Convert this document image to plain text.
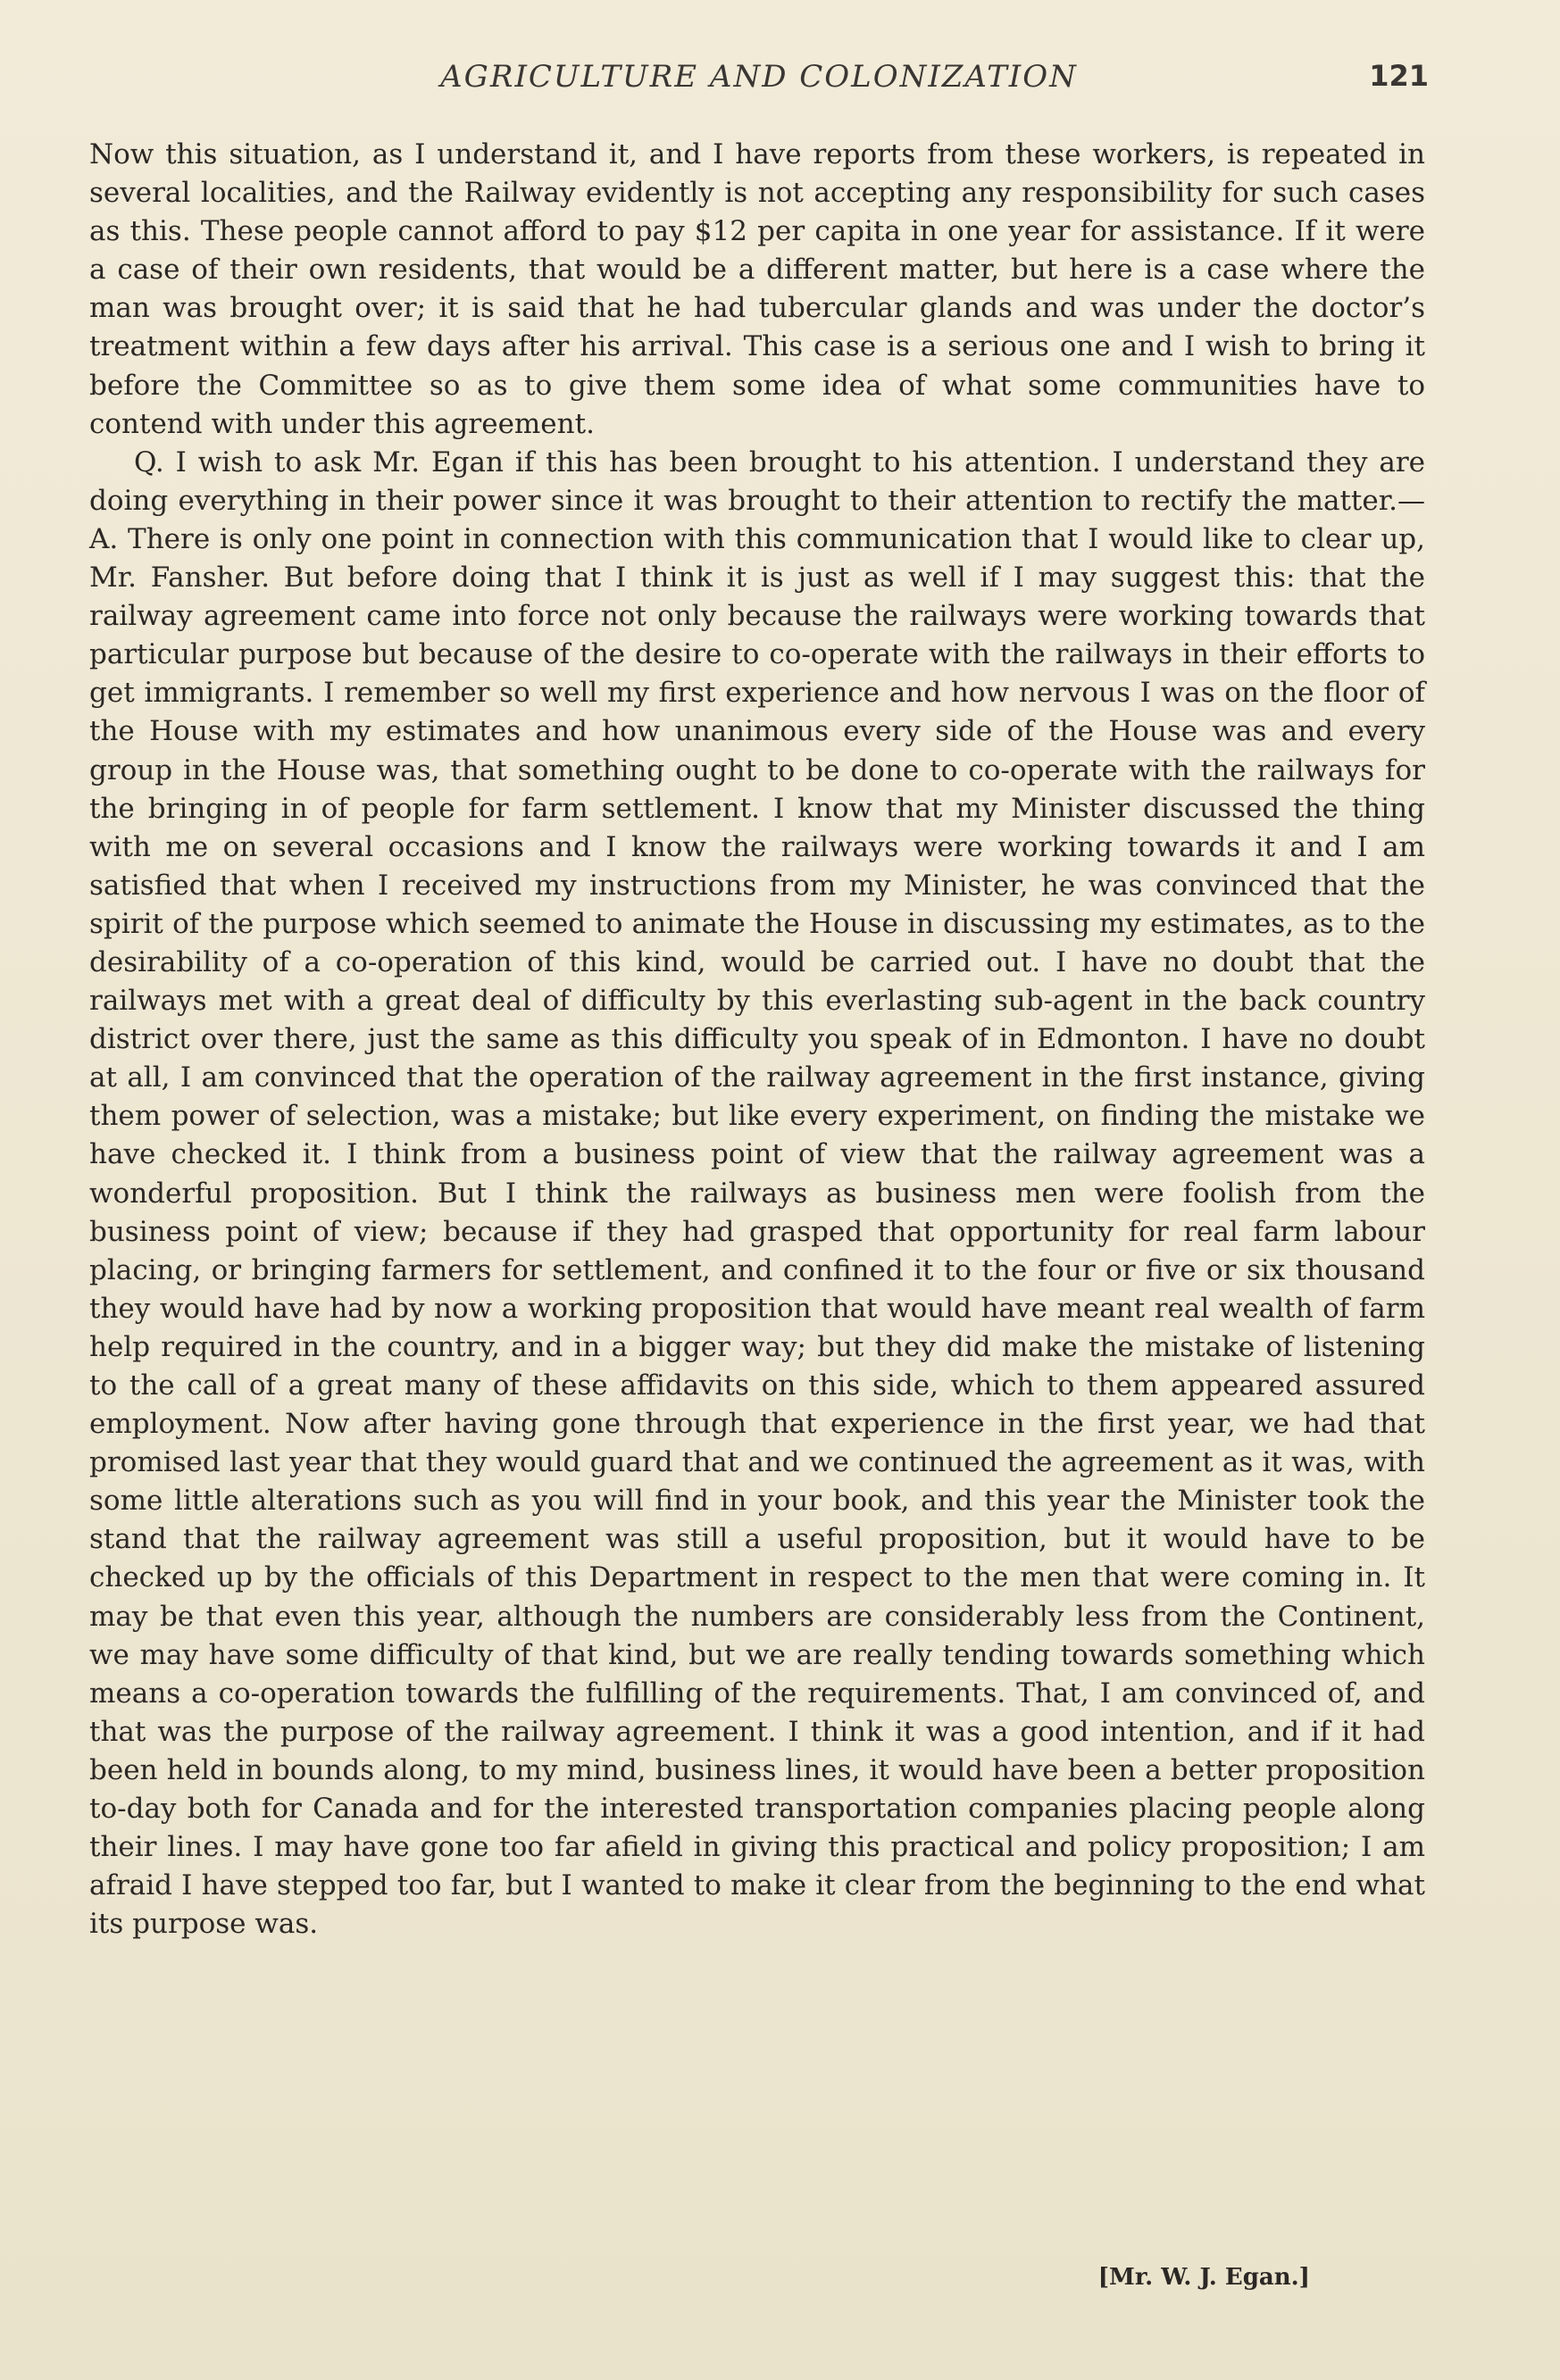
AGRICULTURE AND COLONIZATION	121

Now this situation, as I understand it, and I have reports from these workers, is repeated in several localities, and the Railway evidently is not accepting any responsibility for such cases as this. These people cannot afford to pay $12 per capita in one year for assistance. If it were a case of their own residents, that would be a different matter, but here is a case where the man was brought over; it is said that he had tubercular glands and was under the doctor’s treatment within a few days after his arrival. This case is a serious one and I wish to bring it before the Committee so as to give them some idea of what some communities have to contend with under this agreement.

Q. I wish to ask Mr. Egan if this has been brought to his attention. I understand they are doing everything in their power since it was brought to their attention to rectify the matter.—A. There is only one point in connection with this communication that I would like to clear up, Mr. Fansher. But before doing that I think it is just as well if I may suggest this: that the railway agreement came into force not only because the railways were working towards that particular purpose but because of the desire to co-operate with the railways in their efforts to get immigrants. I remember so well my first experience and how nervous I was on the floor of the House with my estimates and how unanimous every side of the House was and every group in the House was, that something ought to be done to co-operate with the railways for the bringing in of people for farm settlement. I know that my Minister discussed the thing with me on several occasions and I know the railways were working towards it and I am satisfied that when I received my instructions from my Minister, he was convinced that the spirit of the purpose which seemed to animate the House in discussing my estimates, as to the desirability of a co-operation of this kind, would be carried out. I have no doubt that the railways met with a great deal of difficulty by this everlasting sub-agent in the back country district over there, just the same as this difficulty you speak of in Edmonton. I have no doubt at all, I am convinced that the operation of the railway agreement in the first instance, giving them power of selection, was a mistake; but like every experiment, on finding the mistake we have checked it. I think from a business point of view that the railway agreement was a wonderful proposition. But I think the railways as business men were foolish from the business point of view; because if they had grasped that opportunity for real farm labour placing, or bringing farmers for settlement, and confined it to the four or five or six thousand they would have had by now a working proposition that would have meant real wealth of farm help required in the country, and in a bigger way; but they did make the mistake of listening to the call of a great many of these affidavits on this side, which to them appeared assured employment. Now after having gone through that experience in the first year, we had that promised last year that they would guard that and we continued the agreement as it was, with some little alterations such as you will find in your book, and this year the Minister took the stand that the railway agreement was still a useful proposition, but it would have to be checked up by the officials of this Department in respect to the men that were coming in. It may be that even this year, although the numbers are considerably less from the Continent, we may have some difficulty of that kind, but we are really tending towards something which means a co-operation towards the fulfilling of the requirements. That, I am convinced of, and that was the purpose of the railway agreement. I think it was a good intention, and if it had been held in bounds along, to my mind, business lines, it would have been a better proposition to-day both for Canada and for the interested transportation companies placing people along their lines. I may have gone too far afield in giving this practical and policy proposition; I am afraid I have stepped too far, but I wanted to make it clear from the beginning to the end what its purpose was.

[Mr. W. J. Egan.]
